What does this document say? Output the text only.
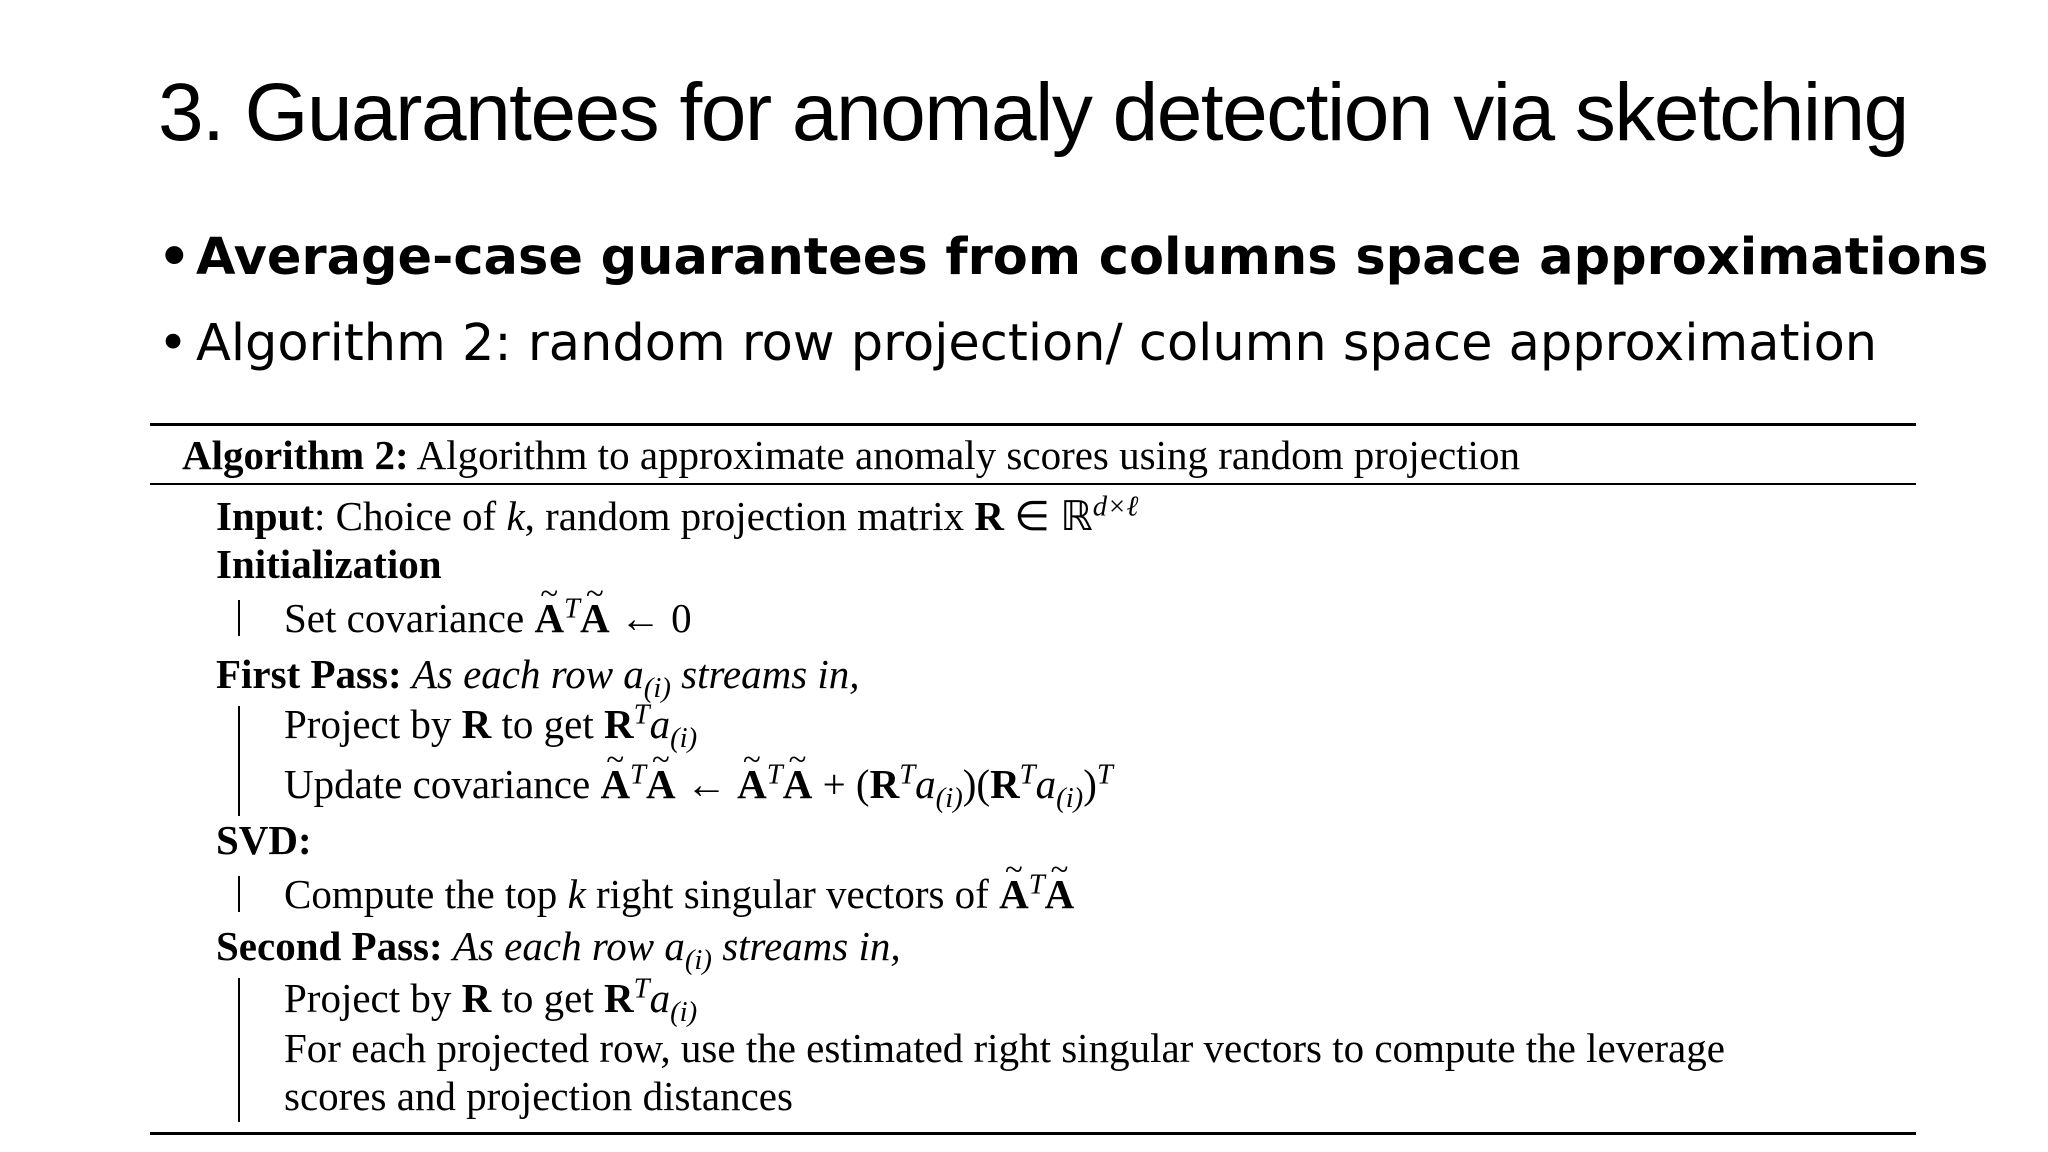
3. Guarantees for anomaly detection via sketching
• Average-case guarantees from columns space approximations
• Algorithm 2: random row projection/ column space approximation
Algorithm 2: Algorithm to approximate anomaly scores using random projection
Input: Choice of k, random projection matrix R ∈ ℝ$^{d\times\ell}$
Initialization
Set covariance ~ $A^T\sim$ A ← 0
First Pass: As each row $a_{(i)}$ streams in,
Project by R to get $R^Ta_{(i)}$
Update covariance ~ $A^T\sim$ A ← ~ $A^T\sim$ $A + (R^Ta_{(i)})(R^Ta_{(i)})^T$
SVD:
Compute the top k right singular vectors of ~ $A^T\sim$ A
Second Pass: As each row $a_{(i)}$ streams in,
Project by R to get $R^Ta_{(i)}$
For each projected row, use the estimated right singular vectors to compute the leverage
scores and projection distances
